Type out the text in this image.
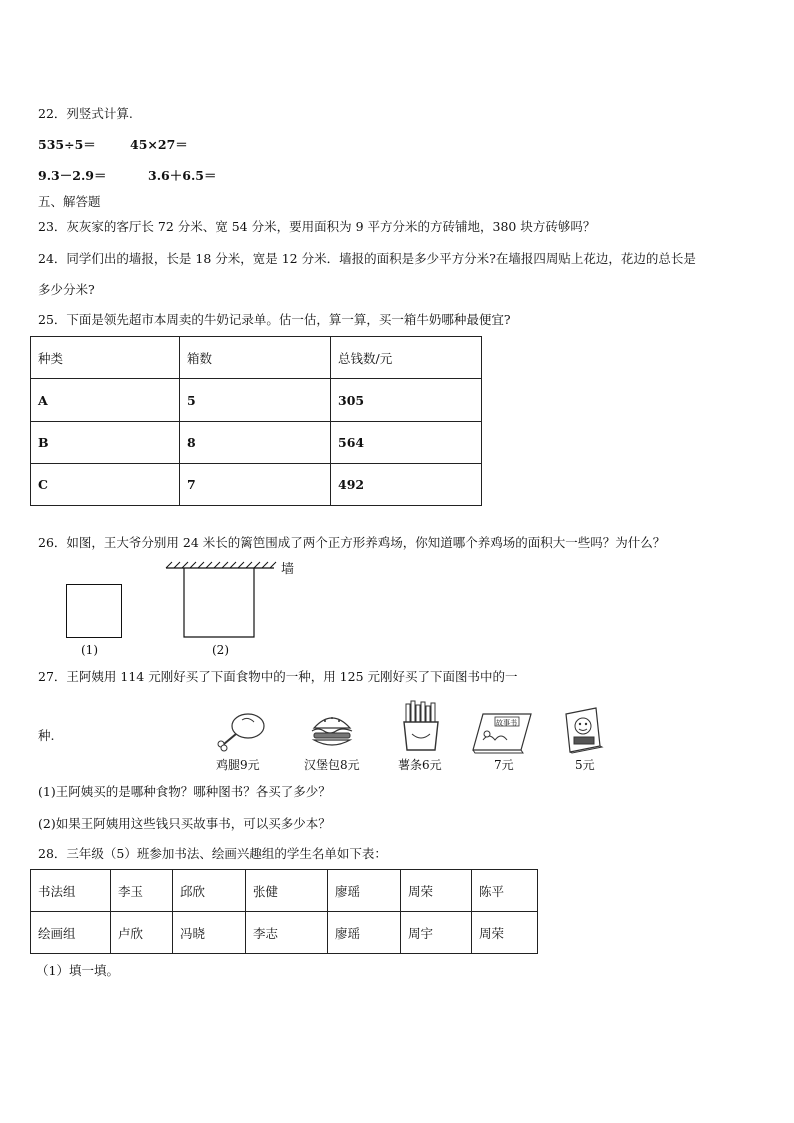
22．列竖式计算.
535÷5＝	45×27＝
9.3－2.9＝	3.6＋6.5＝
五、解答题
23．灰灰家的客厅长 72 分米、宽 54 分米，要用面积为 9 平方分米的方砖铺地，380 块方砖够吗？
24．同学们出的墙报，长是 18 分米，宽是 12 分米．墙报的面积是多少平方分米?在墙报四周贴上花边，花边的总长是
多少分米?
25．下面是领先超市本周卖的牛奶记录单。估一估，算一算，买一箱牛奶哪种最便宜?
种类	箱数	总钱数/元
A	5	305
B	8	564
C	7	492
26．如图，王大爷分别用 24 米长的篱笆围成了两个正方形养鸡场，你知道哪个养鸡场的面积大一些吗？为什么？
(1)
墙
(2)
27．王阿姨用 114 元刚好买了下面食物中的一种，用 125 元刚好买了下面图书中的一
种.
鸡腿9元	汉堡包8元	薯条6元
故事书
7元	5元
(1)王阿姨买的是哪种食物？哪种图书？各买了多少？
(2)如果王阿姨用这些钱只买故事书，可以买多少本？
28．三年级（5）班参加书法、绘画兴趣组的学生名单如下表：
书法组	李玉	邱欣	张健	廖瑶	周荣	陈平
绘画组	卢欣	冯晓	李志	廖瑶	周宇	周荣
（1）填一填。
